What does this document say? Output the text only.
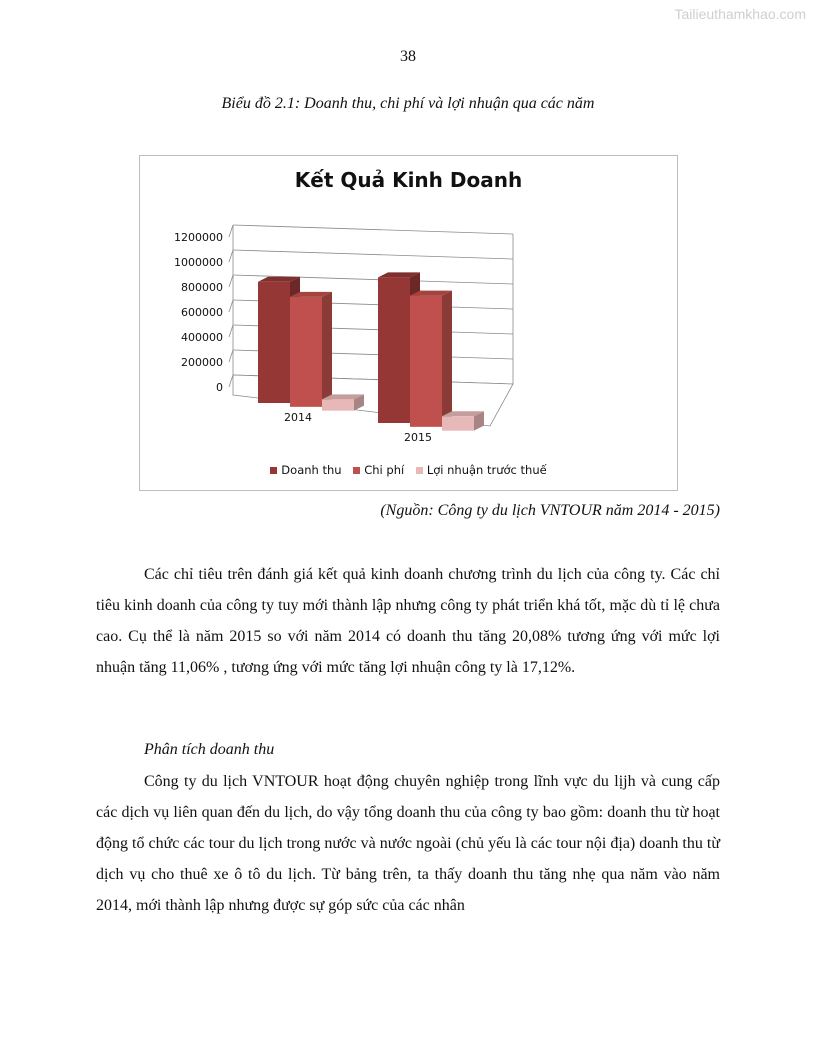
Tailieuthamkhao.com
38
Biểu đồ 2.1: Doanh thu, chi phí và lợi nhuận qua các năm
Kết Quả Kinh Doanh
0
200000
400000
600000
800000
1000000
1200000
2014
2015
Doanh thu Chi phí Lợi nhuận trước thuế
(Nguồn: Công ty du lịch VNTOUR năm 2014 - 2015)

Các chỉ tiêu trên đánh giá kết quả kinh doanh chương trình du lịch của công ty. Các chỉ tiêu kinh doanh của công ty tuy mới thành lập nhưng công ty phát triển khá tốt, mặc dù tỉ lệ chưa cao. Cụ thể là năm 2015 so với năm 2014 có doanh thu tăng 20,08% tương ứng với mức lợi nhuận tăng 11,06% , tương ứng với mức tăng lợi nhuận công ty là 17,12%.

Phân tích doanh thu

Công ty du lịch VNTOUR hoạt động chuyên nghiệp trong lĩnh vực du lịjh và cung cấp các dịch vụ liên quan đến du lịch, do vậy tổng doanh thu của công ty bao gồm: doanh thu từ hoạt động tổ chức các tour du lịch trong nước và nước ngoài (chủ yếu là các tour nội địa) doanh thu từ dịch vụ cho thuê xe ô tô du lịch. Từ bảng trên, ta thấy doanh thu tăng nhẹ qua năm vào năm 2014, mới thành lập nhưng được sự góp sức của các nhân
